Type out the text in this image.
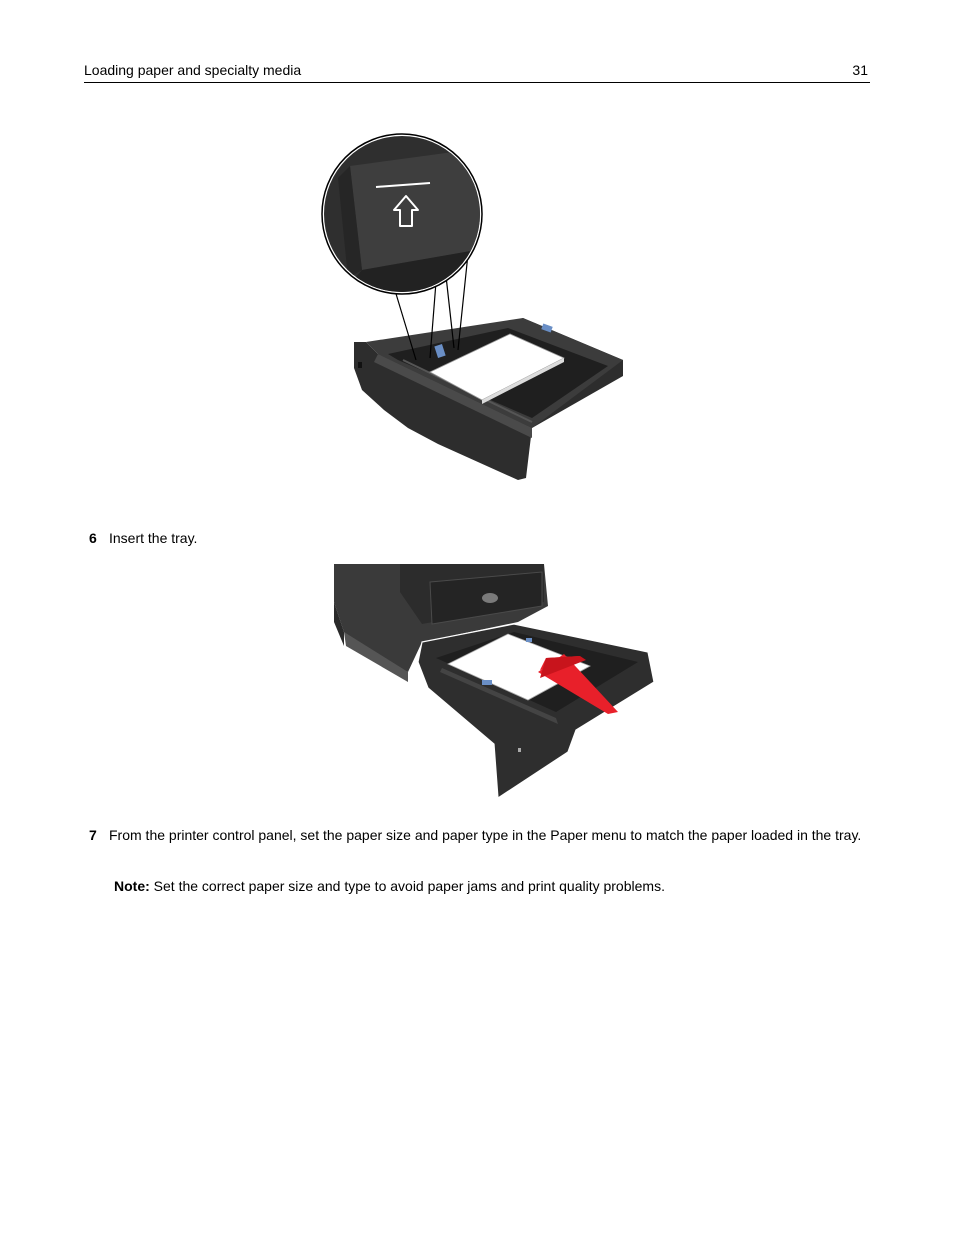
Loading paper and specialty media	31
6 Insert the tray.
7 From the printer control panel, set the paper size and paper type in the Paper menu to match the paper loaded in the tray.
Note: Set the correct paper size and type to avoid paper jams and print quality problems.
